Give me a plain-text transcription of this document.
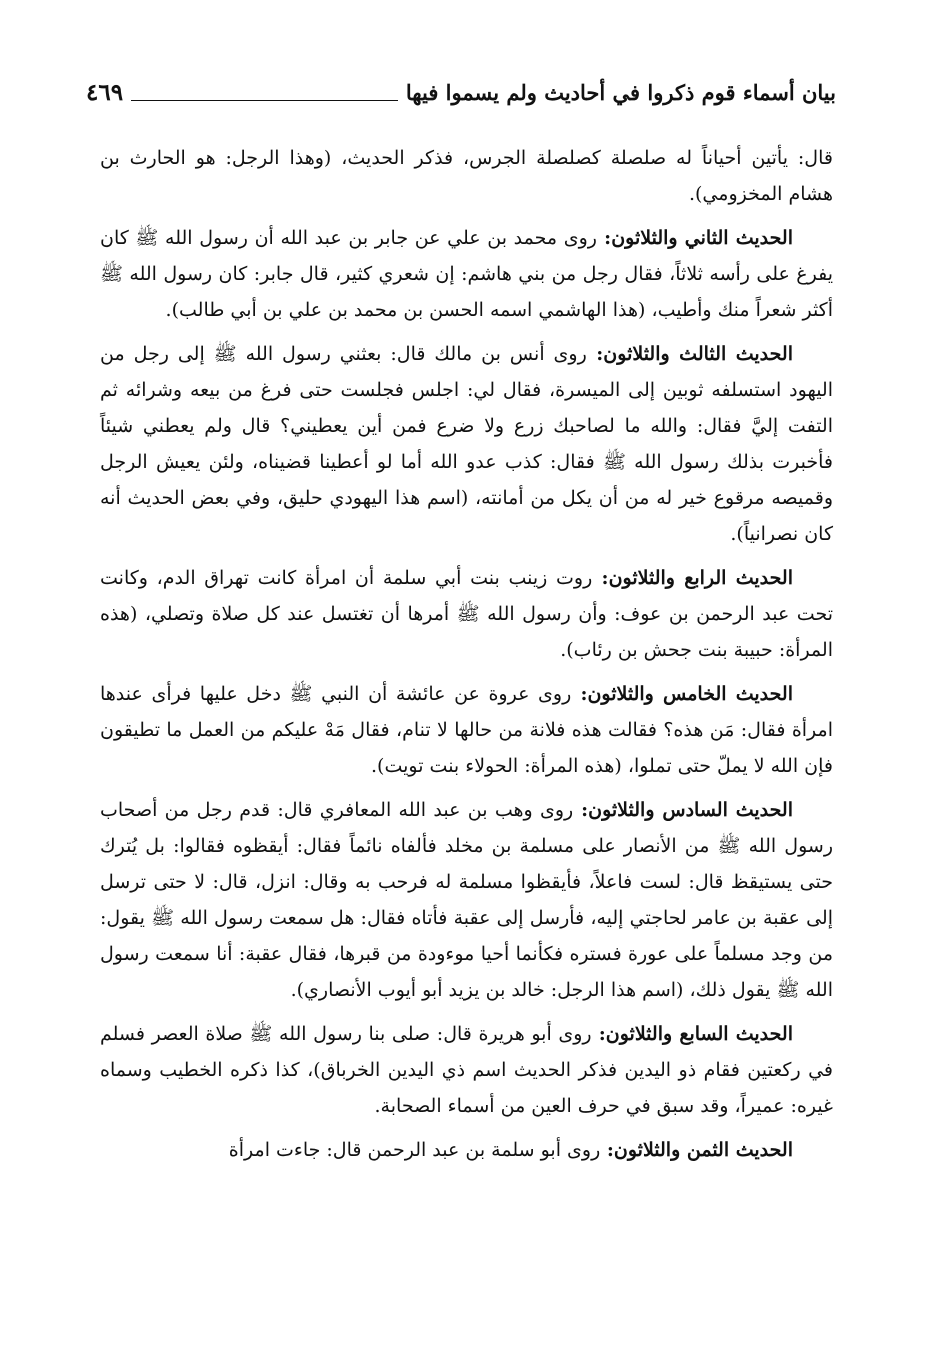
بيان أسماء قوم ذكروا في أحاديث ولم يسموا فيها
٤٦٩

قال: يأتين أحياناً له صلصلة كصلصلة الجرس، فذكر الحديث، (وهذا الرجل: هو الحارث بن هشام المخزومي).

الحديث الثاني والثلاثون : روى محمد بن علي عن جابر بن عبد الله أن رسول الله ﷺ كان يفرغ على رأسه ثلاثاً، فقال رجل من بني هاشم: إن شعري كثير، قال جابر: كان رسول الله ﷺ أكثر شعراً منك وأطيب، (هذا الهاشمي اسمه الحسن بن محمد بن علي بن أبي طالب).

الحديث الثالث والثلاثون : روى أنس بن مالك قال: بعثني رسول الله ﷺ إلى رجل من اليهود استسلفه ثوبين إلى الميسرة، فقال لي: اجلس فجلست حتى فرغ من بيعه وشرائه ثم التفت إليَّ فقال: والله ما لصاحبك زرع ولا ضرع فمن أين يعطيني؟ قال ولم يعطني شيئاً فأخبرت بذلك رسول الله ﷺ فقال: كذب عدو الله أما لو أعطينا قضيناه، ولئن يعيش الرجل وقميصه مرقوع خير له من أن يكل من أمانته، (اسم هذا اليهودي حليق، وفي بعض الحديث أنه كان نصرانياً).

الحديث الرابع والثلاثون : روت زينب بنت أبي سلمة أن امرأة كانت تهراق الدم، وكانت تحت عبد الرحمن بن عوف: وأن رسول الله ﷺ أمرها أن تغتسل عند كل صلاة وتصلي، (هذه المرأة: حبيبة بنت جحش بن رئاب).

الحديث الخامس والثلاثون : روى عروة عن عائشة أن النبي ﷺ دخل عليها فرأى عندها امرأة فقال: مَن هذه؟ فقالت هذه فلانة من حالها لا تنام، فقال مَهْ عليكم من العمل ما تطيقون فإن الله لا يملّ حتى تملوا، (هذه المرأة: الحولاء بنت تويت).

الحديث السادس والثلاثون : روى وهب بن عبد الله المعافري قال: قدم رجل من أصحاب رسول الله ﷺ من الأنصار على مسلمة بن مخلد فألفاه نائماً فقال: أيقظوه فقالوا: بل يُترك حتى يستيقظ قال: لست فاعلاً، فأيقظوا مسلمة له فرحب به وقال: انزل، قال: لا حتى ترسل إلى عقبة بن عامر لحاجتي إليه، فأرسل إلى عقبة فأتاه فقال: هل سمعت رسول الله ﷺ يقول: من وجد مسلماً على عورة فستره فكأنما أحيا موءودة من قبرها، فقال عقبة: أنا سمعت رسول الله ﷺ يقول ذلك، (اسم هذا الرجل: خالد بن يزيد أبو أيوب الأنصاري).

الحديث السابع والثلاثون : روى أبو هريرة قال: صلى بنا رسول الله ﷺ صلاة العصر فسلم في ركعتين فقام ذو اليدين فذكر الحديث اسم ذي اليدين الخرباق)، كذا ذكره الخطيب وسماه غيره: عميراً، وقد سبق في حرف العين من أسماء الصحابة.

الحديث الثمن والثلاثون : روى أبو سلمة بن عبد الرحمن قال: جاءت امرأة
